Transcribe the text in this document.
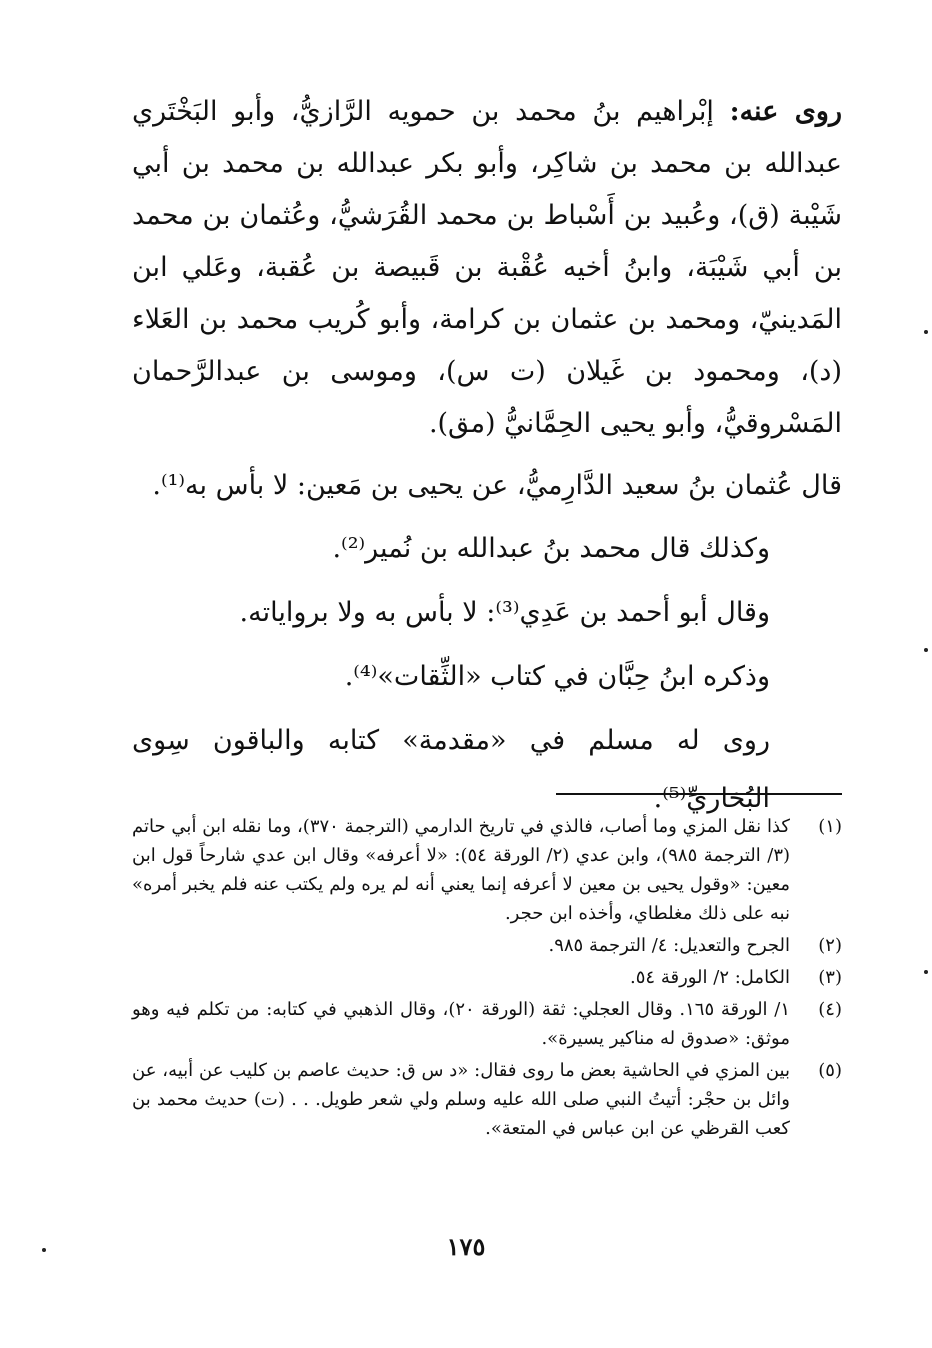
روى عنه: إبْراهيم بنُ محمد بن حمويه الرَّازيُّ، وأبو البَخْتَري عبدالله بن محمد بن شاكِر، وأبو بكر عبدالله بن محمد بن أبي شَيْبة (ق)، وعُبيد بن أَسْباط بن محمد القُرَشيُّ، وعُثمان بن محمد بن أبي شَيْبَة، وابنُ أخيه عُقْبة بن قَبيصة بن عُقبة، وعَلي ابن المَدينيّ، ومحمد بن عثمان بن كرامة، وأبو كُريب محمد بن العَلاء (د)، ومحمود بن غَيلان (ت س)، وموسى بن عبدالرَّحمان المَسْروقيُّ، وأبو يحيى الحِمَّانيُّ (مق).

قال عُثمان بنُ سعيد الدَّارِميُّ، عن يحيى بن مَعين: لا بأس به⁽¹⁾.

وكذلك قال محمد بنُ عبدالله بن نُمير⁽²⁾.

وقال أبو أحمد بن عَدِي⁽³⁾: لا بأس به ولا برواياته.

وذكره ابنُ حِبَّان في كتاب «الثِّقات»⁽⁴⁾.

روى له مسلم في «مقدمة» كتابه والباقون سِوى البُخاريِّ⁽⁵⁾.

(١)
كذا نقل المزي وما أصاب، فالذي في تاريخ الدارمي (الترجمة ٣٧٠)، وما نقله ابن أبي حاتم (٣/ الترجمة ٩٨٥)، وابن عدي (٢/ الورقة ٥٤): «لا أعرفه» وقال ابن عدي شارحاً قول ابن معين: «وقول يحيى بن معين لا أعرفه إنما يعني أنه لم يره ولم يكتب عنه فلم يخبر أمره» نبه على ذلك مغلطاي، وأخذه ابن حجر.
(٢)
الجرح والتعديل: ٤/ الترجمة ٩٨٥.
(٣)
الكامل: ٢/ الورقة ٥٤.
(٤)
١/ الورقة ١٦٥. وقال العجلي: ثقة (الورقة ٢٠)، وقال الذهبي في كتابه: من تكلم فيه وهو موثق: «صدوق له مناكير يسيرة».
(٥)
بين المزي في الحاشية بعض ما روى فقال: «د س ق: حديث عاصم بن كليب عن أبيه، عن وائل بن حجْر: أتيتُ النبي صلى الله عليه وسلم ولي شعر طويل. . . (ت) حديث محمد بن كعب القرظي عن ابن عباس في المتعة».
١٧٥
